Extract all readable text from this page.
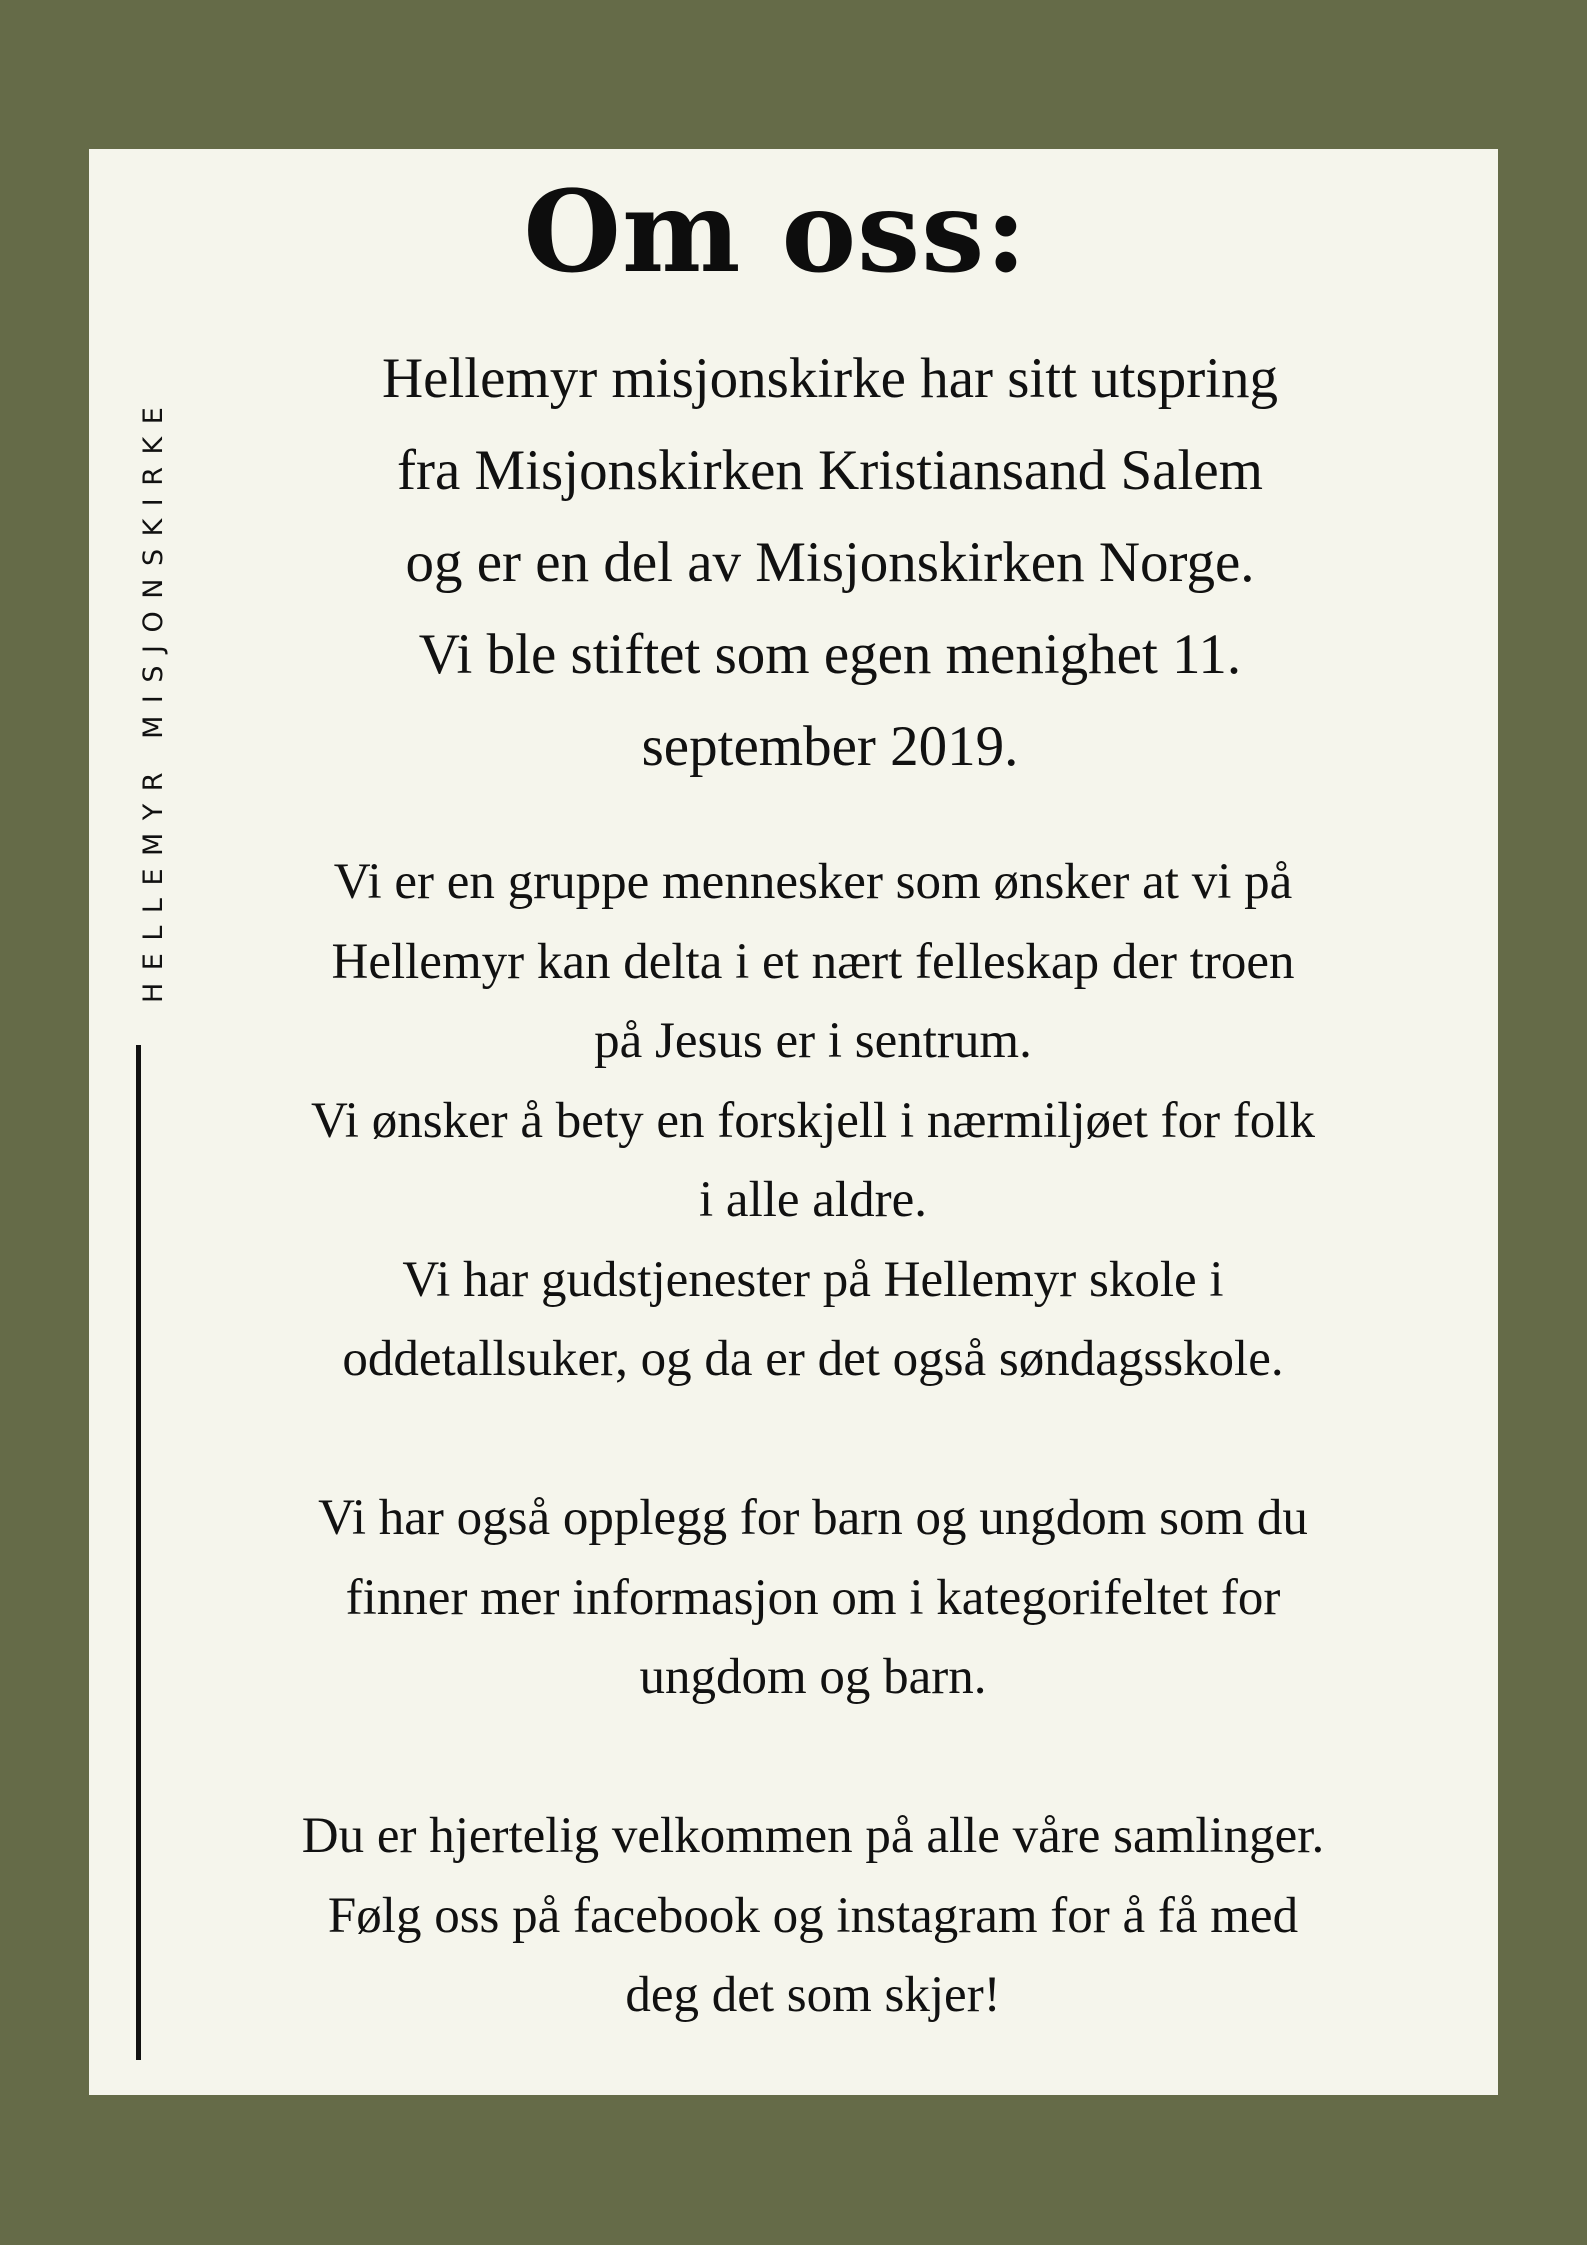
HELLEMYR MISJONSKIRKE
Om oss:
Hellemyr misjonskirke har sitt utspring
fra Misjonskirken Kristiansand Salem
og er en del av Misjonskirken Norge.
Vi ble stiftet som egen menighet 11.
september 2019.
Vi er en gruppe mennesker som ønsker at vi på
Hellemyr kan delta i et nært felleskap der troen
på Jesus er i sentrum.
Vi ønsker å bety en forskjell i nærmiljøet for folk
i alle aldre.
Vi har gudstjenester på Hellemyr skole i
oddetallsuker, og da er det også søndagsskole.
Vi har også opplegg for barn og ungdom som du
finner mer informasjon om i kategorifeltet for
ungdom og barn.
Du er hjertelig velkommen på alle våre samlinger.
Følg oss på facebook og instagram for å få med
deg det som skjer!
